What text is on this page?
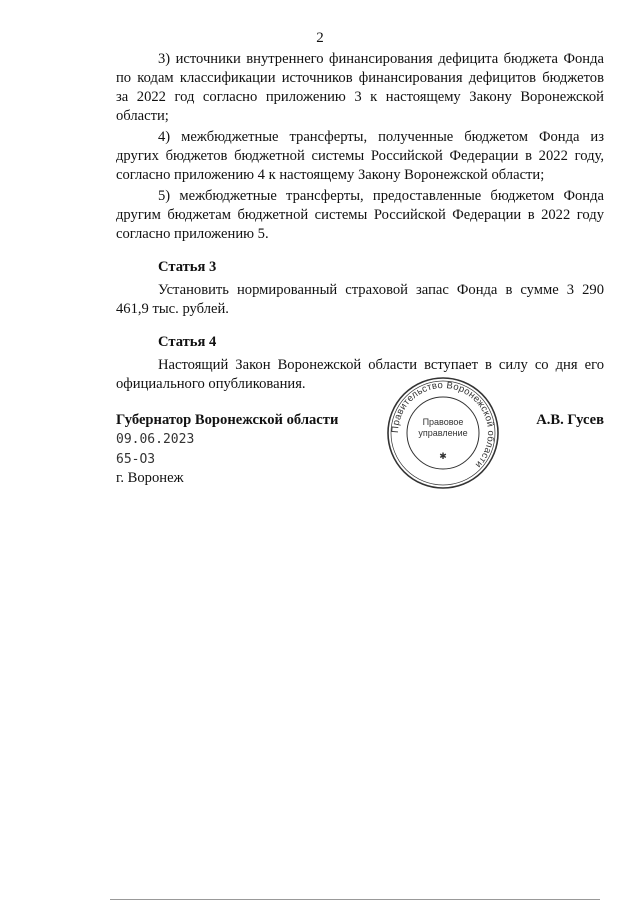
2

3) источники внутреннего финансирования дефицита бюджета Фонда по кодам классификации источников финансирования дефицитов бюджетов за 2022 год согласно приложению 3 к настоящему Закону Воронежской области;

4) межбюджетные трансферты, полученные бюджетом Фонда из других бюджетов бюджетной системы Российской Федерации в 2022 году, согласно приложению 4 к настоящему Закону Воронежской области;

5) межбюджетные трансферты, предоставленные бюджетом Фонда другим бюджетам бюджетной системы Российской Федерации в 2022 году согласно приложению 5.

Статья 3

Установить нормированный страховой запас Фонда в сумме 3 290 461,9 тыс. рублей.

Статья 4

Настоящий Закон Воронежской области вступает в силу со дня его официального опубликования.

Губернатор Воронежской области	А.В. Гусев
09.06.2023
65-ОЗ
г. Воронеж
Правительство Воронежской области
Правовое
управление
✱
